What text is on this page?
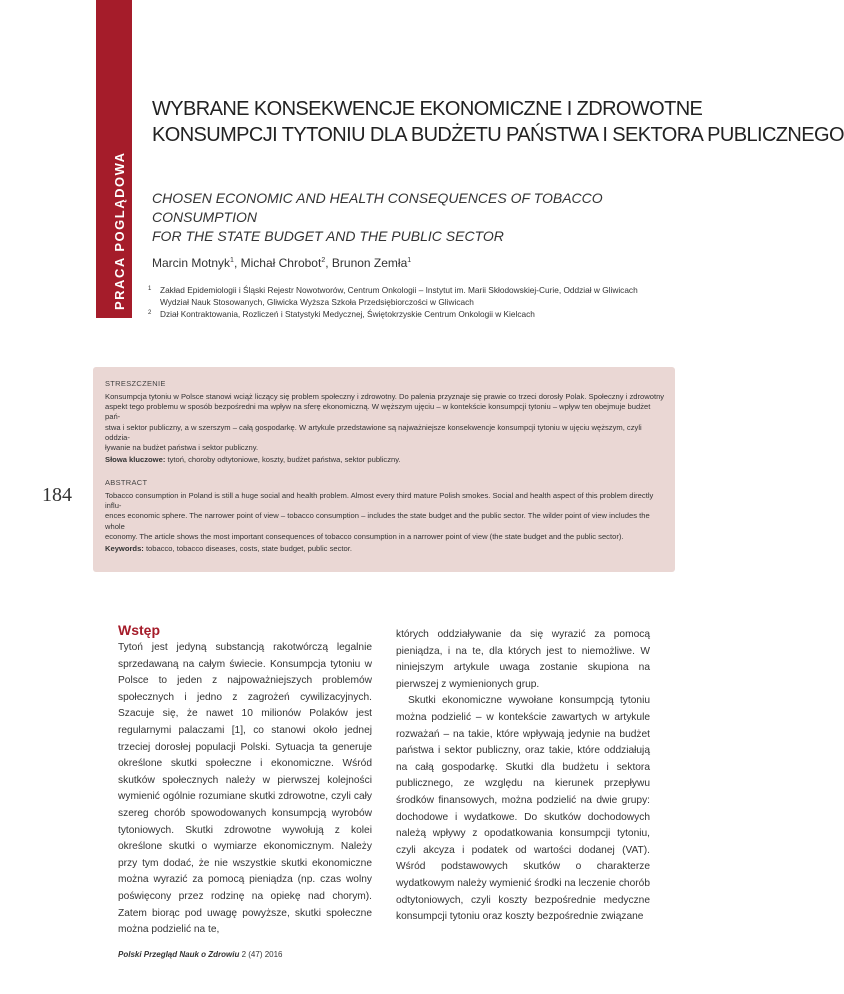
PRACA POGLĄDOWA
WYBRANE KONSEKWENCJE EKONOMICZNE I ZDROWOTNE
KONSUMPCJI TYTONIU DLA BUDŻETU PAŃSTWA I SEKTORA PUBLICZNEGO
CHOSEN ECONOMIC AND HEALTH CONSEQUENCES OF TOBACCO CONSUMPTION
FOR THE STATE BUDGET AND THE PUBLIC SECTOR
Marcin Motnyk$^1$, Michał Chrobot$^2$, Brunon Zemła$^1$
1 Zakład Epidemiologii i Śląski Rejestr Nowotworów, Centrum Onkologii – Instytut im. Marii Skłodowskiej-Curie, Oddział w Gliwicach
Wydział Nauk Stosowanych, Gliwicka Wyższa Szkoła Przedsiębiorczości w Gliwicach
2 Dział Kontraktowania, Rozliczeń i Statystyki Medycznej, Świętokrzyskie Centrum Onkologii w Kielcach
STRESZCZENIE
Konsumpcja tytoniu w Polsce stanowi wciąż liczący się problem społeczny i zdrowotny. Do palenia przyznaje się prawie co trzeci dorosły Polak. Społeczny i zdrowotny
aspekt tego problemu w sposób bezpośredni ma wpływ na sferę ekonomiczną. W węższym ujęciu – w kontekście konsumpcji tytoniu – wpływ ten obejmuje budżet pań-
stwa i sektor publiczny, a w szerszym – całą gospodarkę. W artykule przedstawione są najważniejsze konsekwencje konsumpcji tytoniu w ujęciu węższym, czyli oddzia-
ływanie na budżet państwa i sektor publiczny.
Słowa kluczowe: tytoń, choroby odtytoniowe, koszty, budżet państwa, sektor publiczny.
ABSTRACT
Tobacco consumption in Poland is still a huge social and health problem. Almost every third mature Polish smokes. Social and health aspect of this problem directly influ-
ences economic sphere. The narrower point of view – tobacco consumption – includes the state budget and the public sector. The wilder point of view includes the whole
economy. The article shows the most important consequences of tobacco consumption in a narrower point of view (the state budget and the public sector).
Keywords: tobacco, tobacco diseases, costs, state budget, public sector.
184
Wstęp

Tytoń jest jedyną substancją rakotwórczą legalnie sprzedawaną na całym świecie. Konsumpcja tytoniu w Polsce to jeden z najpoważniejszych problemów społecznych i jedno z zagrożeń cywilizacyjnych. Szacuje się, że nawet 10 milionów Polaków jest regularnymi palaczami [1], co stanowi około jednej trzeciej dorosłej populacji Polski. Sytuacja ta generuje określone skutki społeczne i ekonomiczne. Wśród skutków społecznych należy w pierwszej kolejności wymienić ogólnie rozumiane skutki zdrowotne, czyli cały szereg chorób spowodowanych konsumpcją wyrobów tytoniowych. Skutki zdrowotne wywołują z kolei określone skutki o wymiarze ekonomicznym. Należy przy tym dodać, że nie wszystkie skutki ekonomiczne można wyrazić za pomocą pieniądza (np. czas wolny poświęcony przez rodzinę na opiekę nad chorym). Zatem biorąc pod uwagę powyższe, skutki społeczne można podzielić na te,

których oddziaływanie da się wyrazić za pomocą pieniądza, i na te, dla których jest to niemożliwe. W niniejszym artykule uwaga zostanie skupiona na pierwszej z wymienionych grup.

Skutki ekonomiczne wywołane konsumpcją tytoniu można podzielić – w kontekście zawartych w artykule rozważań – na takie, które wpływają jedynie na budżet państwa i sektor publiczny, oraz takie, które oddziałują na całą gospodarkę. Skutki dla budżetu i sektora publicznego, ze względu na kierunek przepływu środków finansowych, można podzielić na dwie grupy: dochodowe i wydatkowe. Do skutków dochodowych należą wpływy z opodatkowania konsumpcji tytoniu, czyli akcyza i podatek od wartości dodanej (VAT). Wśród podstawowych skutków o charakterze wydatkowym należy wymienić środki na leczenie chorób odtytoniowych, czyli koszty bezpośrednie medyczne konsumpcji tytoniu oraz koszty bezpośrednie związane

Polski Przegląd Nauk o Zdrowiu 2 (47) 2016
